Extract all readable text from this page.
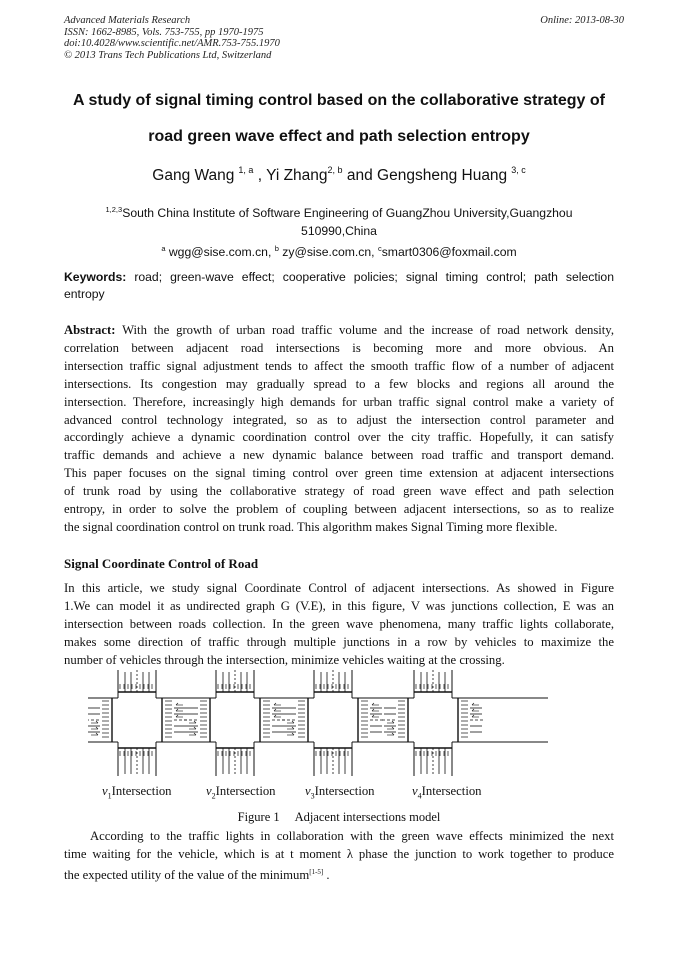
Advanced Materials Research
ISSN: 1662-8985, Vols. 753-755, pp 1970-1975
doi:10.4028/www.scientific.net/AMR.753-755.1970
© 2013 Trans Tech Publications Ltd, Switzerland
Online: 2013-08-30
A study of signal timing control based on the collaborative strategy of
road green wave effect and path selection entropy
Gang Wang $^{1, a}$ , Yi Zhang$^{2, b}$ and Gengsheng Huang $^{3, c}$
$^{1,2,3}$South China Institute of Software Engineering of GuangZhou University,Guangzhou
510990,China
$^a$ wgg@sise.com.cn, $^b$ zy@sise.com.cn, $^c$smart0306@foxmail.com
Keywords: road; green-wave effect; cooperative policies; signal timing control; path selection
entropy
Abstract: With the growth of urban road traffic volume and the increase of road network density,
correlation between adjacent road intersections is becoming more and more obvious. An
intersection traffic signal adjustment tends to affect the smooth traffic flow of a number of adjacent
intersections. Its congestion may gradually spread to a few blocks and regions all around the
intersection. Therefore, increasingly high demands for urban traffic signal control make a variety of
advanced control technology integrated, so as to adjust the intersection control parameter and
accordingly achieve a dynamic coordination control over the city traffic. Hopefully, it can satisfy
traffic demands and achieve a new dynamic balance between road traffic and transport demand.
This paper focuses on the signal timing control over green time extension at adjacent intersections
of trunk road by using the collaborative strategy of road green wave effect and path selection
entropy, in order to solve the problem of coupling between adjacent intersections, so as to realize
the signal coordination control on trunk road. This algorithm makes Signal Timing more flexible.
Signal Coordinate Control of Road
In this article, we study signal Coordinate Control of adjacent intersections. As showed in Figure
1.We can model it as undirected graph G (V.E), in this figure, V was junctions collection, E was an
intersection between roads collection. In the green wave phenomena, many traffic lights collaborate,
makes some direction of traffic through multiple junctions in a row by vehicles to maximize the
number of vehicles through the intersection, minimize vehicles waiting at the crossing.
$v_1Intersection$	$v_2Intersection$ $v_3Intersection$	$v_4Intersection$
Figure 1     Adjacent intersections model
According to the traffic lights in collaboration with the green wave effects minimized the next
time waiting for the vehicle, which is at t moment λ phase the junction to work together to produce
the expected utility of the value of the minimum[1-5] .
